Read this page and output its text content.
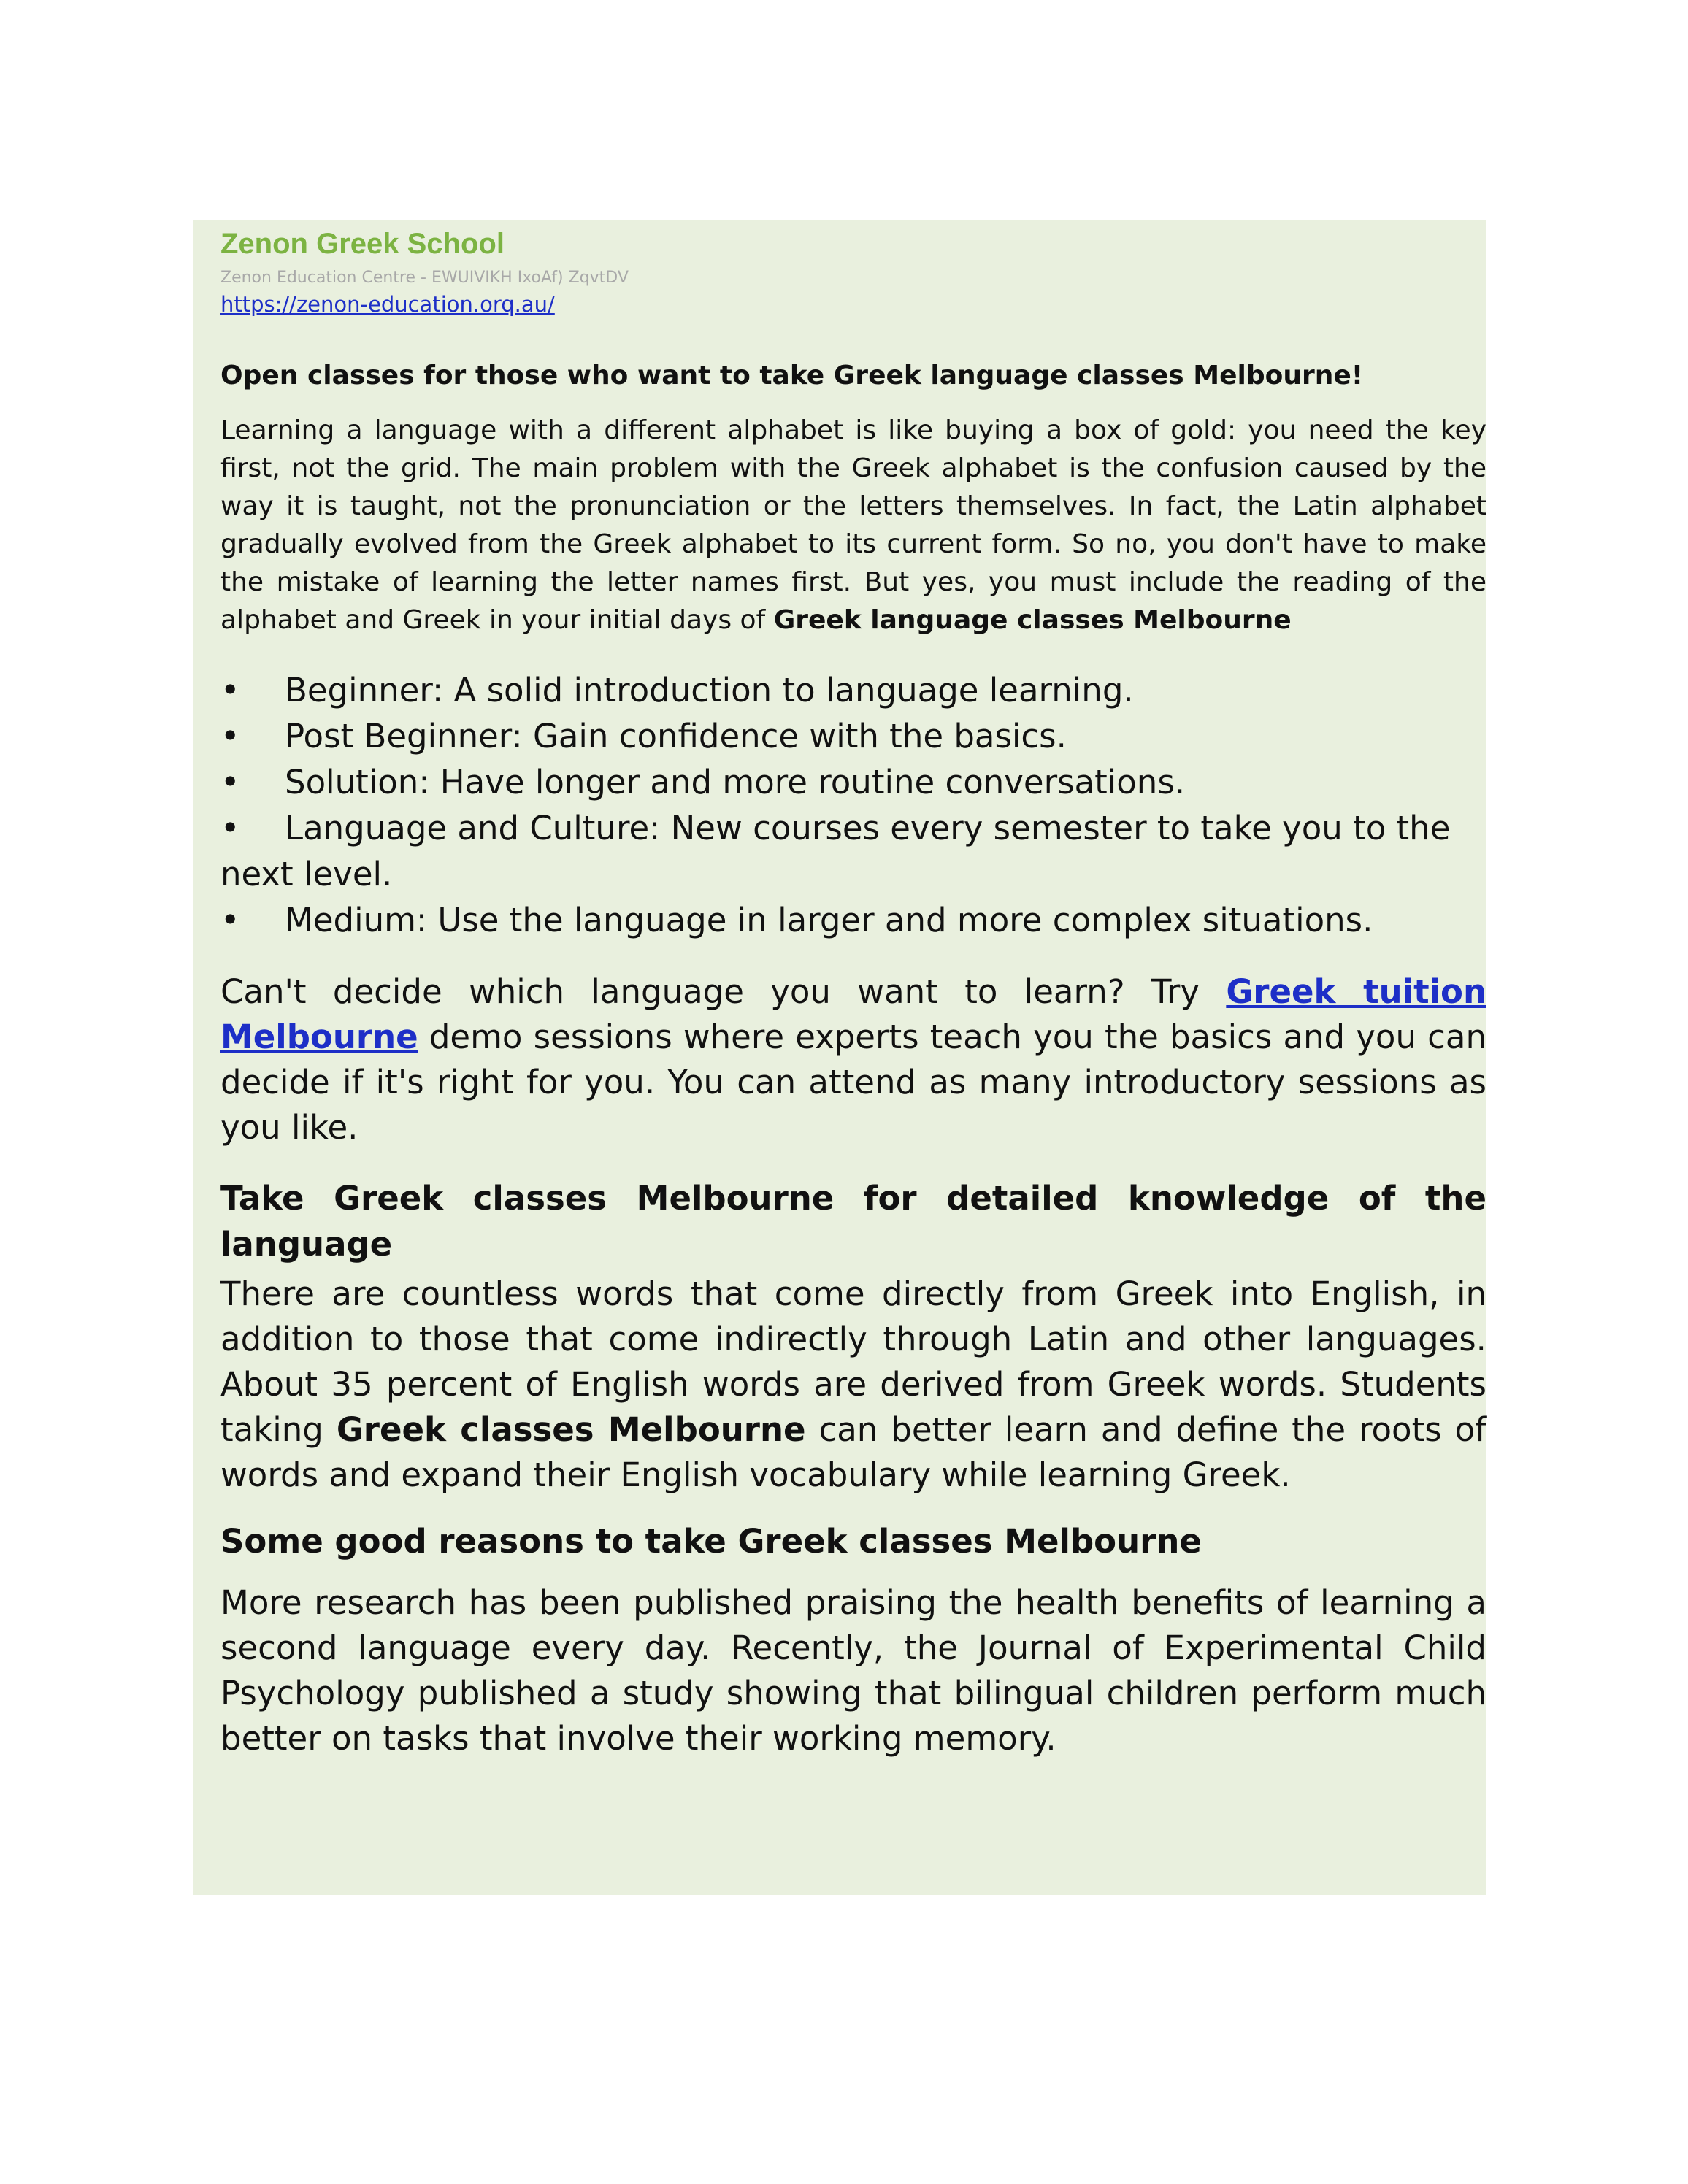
Zenon Greek School
Zenon Education Centre - EWUIVIKH IxoAf) ZqvtDV
https://zenon-education.orq.au/
Open classes for those who want to take Greek language classes Melbourne!
Learning a language with a different alphabet is like buying a box of gold: you need the key first, not the grid. The main problem with the Greek alphabet is the confusion caused by the way it is taught, not the pronunciation or the letters themselves. In fact, the Latin alphabet gradually evolved from the Greek alphabet to its current form. So no, you don't have to make the mistake of learning the letter names first. But yes, you must include the reading of the alphabet and Greek in your initial days of Greek language classes Melbourne
• Beginner: A solid introduction to language learning.
• Post Beginner: Gain confidence with the basics.
• Solution: Have longer and more routine conversations.
• Language and Culture: New courses every semester to take you to the next level.
• Medium: Use the language in larger and more complex situations.
Can't decide which language you want to learn? Try Greek tuition Melbourne demo sessions where experts teach you the basics and you can decide if it's right for you. You can attend as many introductory sessions as you like.
Take Greek classes Melbourne for detailed knowledge of the language
There are countless words that come directly from Greek into English, in addition to those that come indirectly through Latin and other languages. About 35 percent of English words are derived from Greek words. Students taking Greek classes Melbourne can better learn and define the roots of words and expand their English vocabulary while learning Greek.
Some good reasons to take Greek classes Melbourne
More research has been published praising the health benefits of learning a second language every day. Recently, the Journal of Experimental Child Psychology published a study showing that bilingual children perform much better on tasks that involve their working memory.
